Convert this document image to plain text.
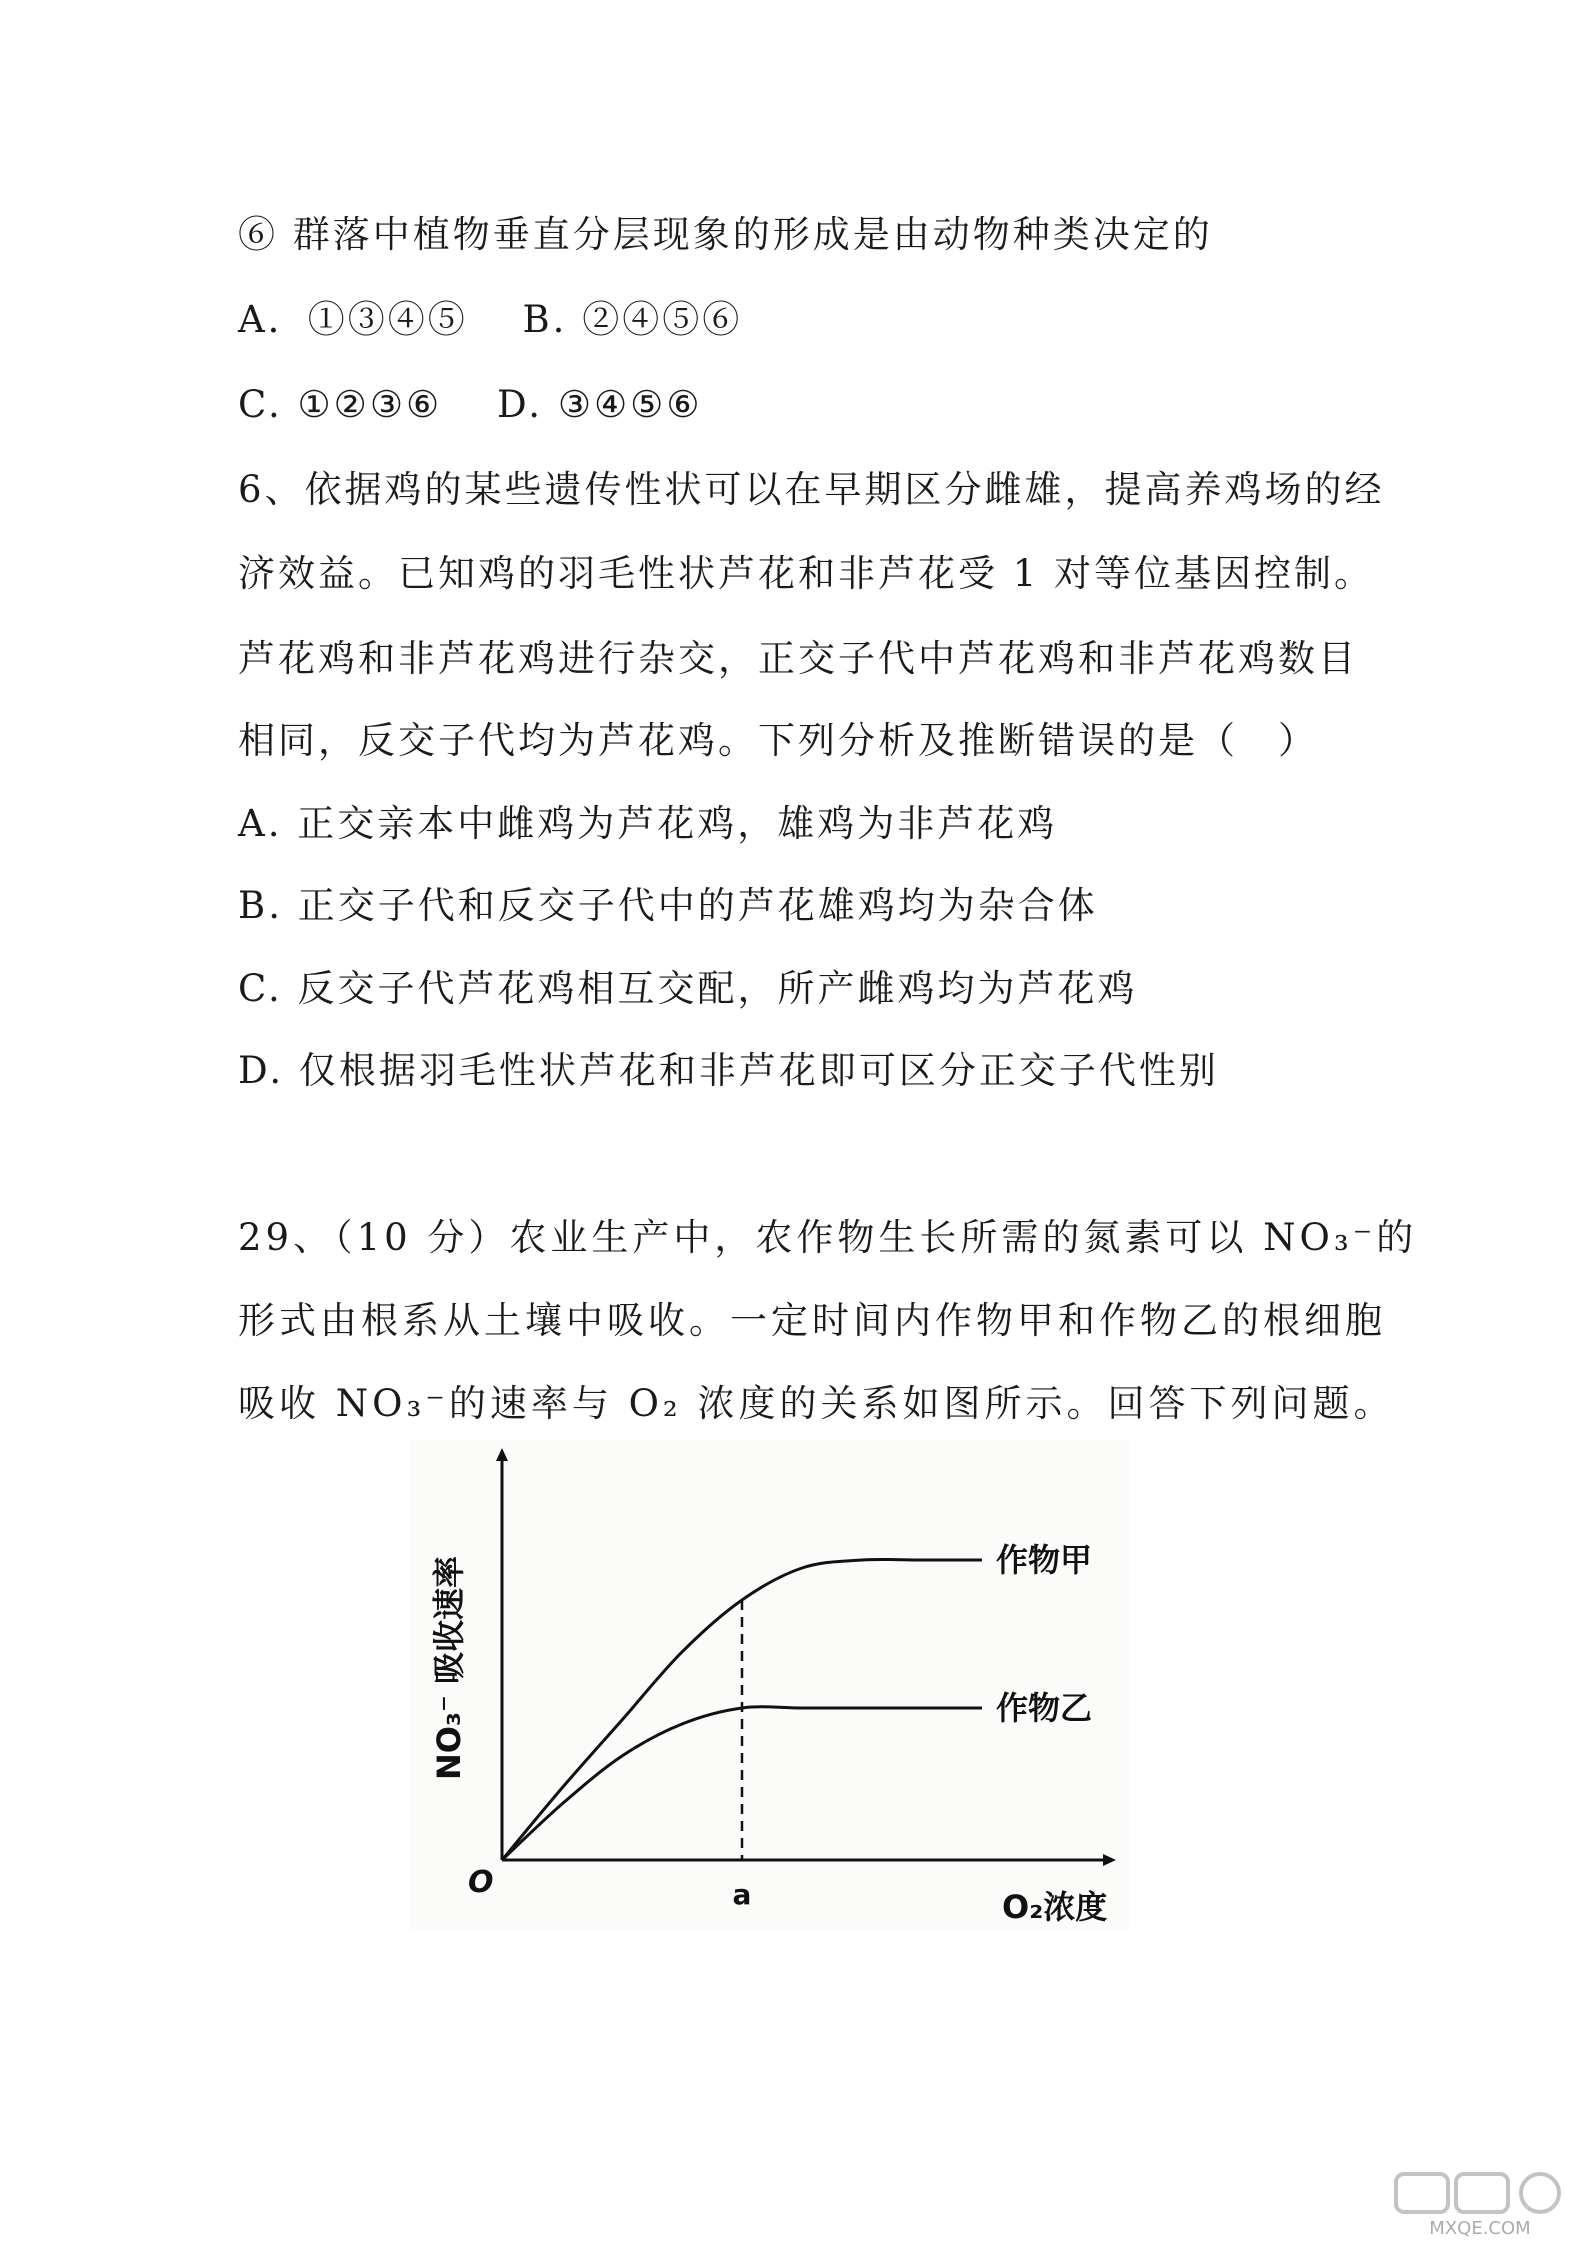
⑥ 群落中植物垂直分层现象的形成是由动物种类决定的
A．①③④⑤　 B. ②④⑤⑥
C. ①②③⑥　 D. ③④⑤⑥
6、依据鸡的某些遗传性状可以在早期区分雌雄，提高养鸡场的经
济效益。已知鸡的羽毛性状芦花和非芦花受 1 对等位基因控制。
芦花鸡和非芦花鸡进行杂交，正交子代中芦花鸡和非芦花鸡数目
相同，反交子代均为芦花鸡。下列分析及推断错误的是（　）
A. 正交亲本中雌鸡为芦花鸡，雄鸡为非芦花鸡
B. 正交子代和反交子代中的芦花雄鸡均为杂合体
C. 反交子代芦花鸡相互交配，所产雌鸡均为芦花鸡
D. 仅根据羽毛性状芦花和非芦花即可区分正交子代性别
29、（10 分）农业生产中，农作物生长所需的氮素可以 NO₃⁻的
形式由根系从土壤中吸收。一定时间内作物甲和作物乙的根细胞
吸收 NO₃⁻的速率与 O₂ 浓度的关系如图所示。回答下列问题。
作物甲
作物乙
O	a	O₂浓度
NO₃⁻ 吸收速率
MXQE.COM
